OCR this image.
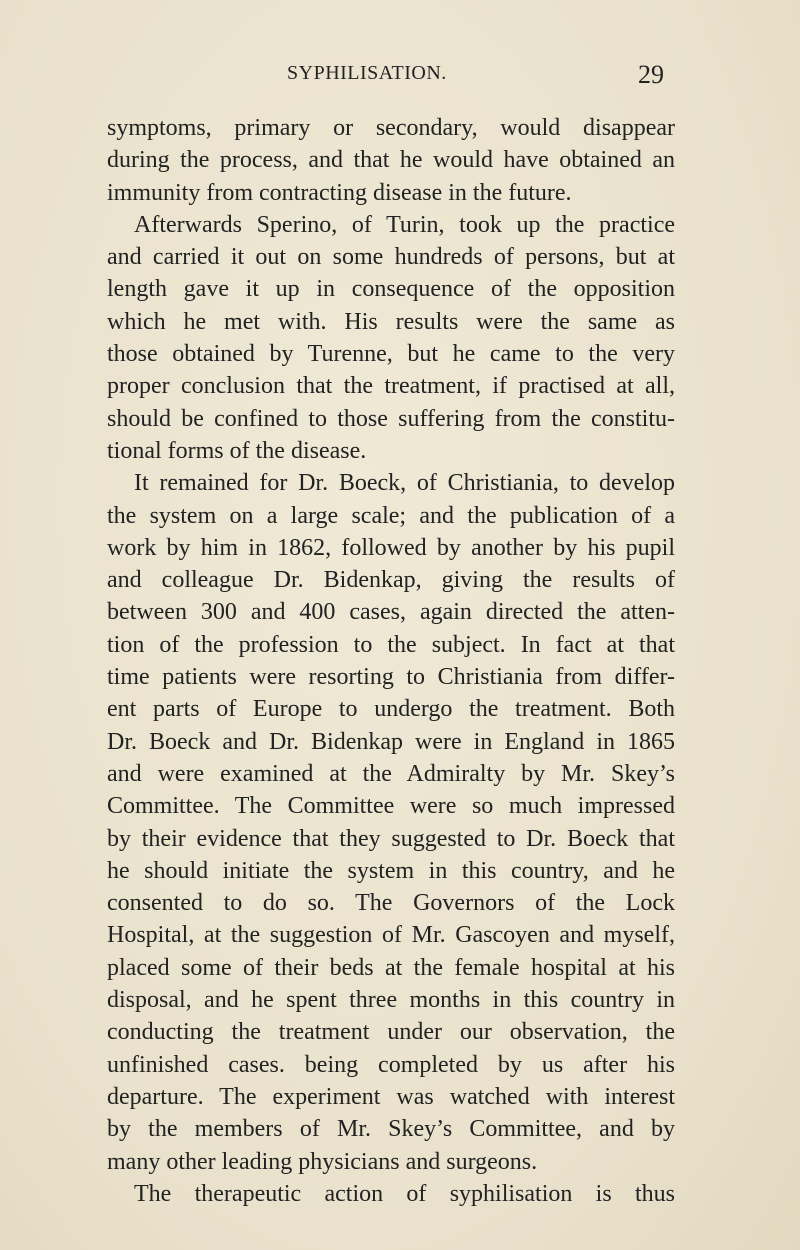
SYPHILISATION.	29
symptoms, primary or secondary, would disappear
during the process, and that he would have obtained an
immunity from contracting disease in the future.
Afterwards Sperino, of Turin, took up the practice
and carried it out on some hundreds of persons, but at
length gave it up in consequence of the opposition
which he met with. His results were the same as
those obtained by Turenne, but he came to the very
proper conclusion that the treatment, if practised at all,
should be confined to those suffering from the constitu-
tional forms of the disease.
It remained for Dr. Boeck, of Christiania, to develop
the system on a large scale; and the publication of a
work by him in 1862, followed by another by his pupil
and colleague Dr. Bidenkap, giving the results of
between 300 and 400 cases, again directed the atten-
tion of the profession to the subject. In fact at that
time patients were resorting to Christiania from differ-
ent parts of Europe to undergo the treatment. Both
Dr. Boeck and Dr. Bidenkap were in England in 1865
and were examined at the Admiralty by Mr. Skey’s
Committee. The Committee were so much impressed
by their evidence that they suggested to Dr. Boeck that
he should initiate the system in this country, and he
consented to do so. The Governors of the Lock
Hospital, at the suggestion of Mr. Gascoyen and myself,
placed some of their beds at the female hospital at his
disposal, and he spent three months in this country in
conducting the treatment under our observation, the
unfinished cases. being completed by us after his
departure. The experiment was watched with interest
by the members of Mr. Skey’s Committee, and by
many other leading physicians and surgeons.
The therapeutic action of syphilisation is thus
